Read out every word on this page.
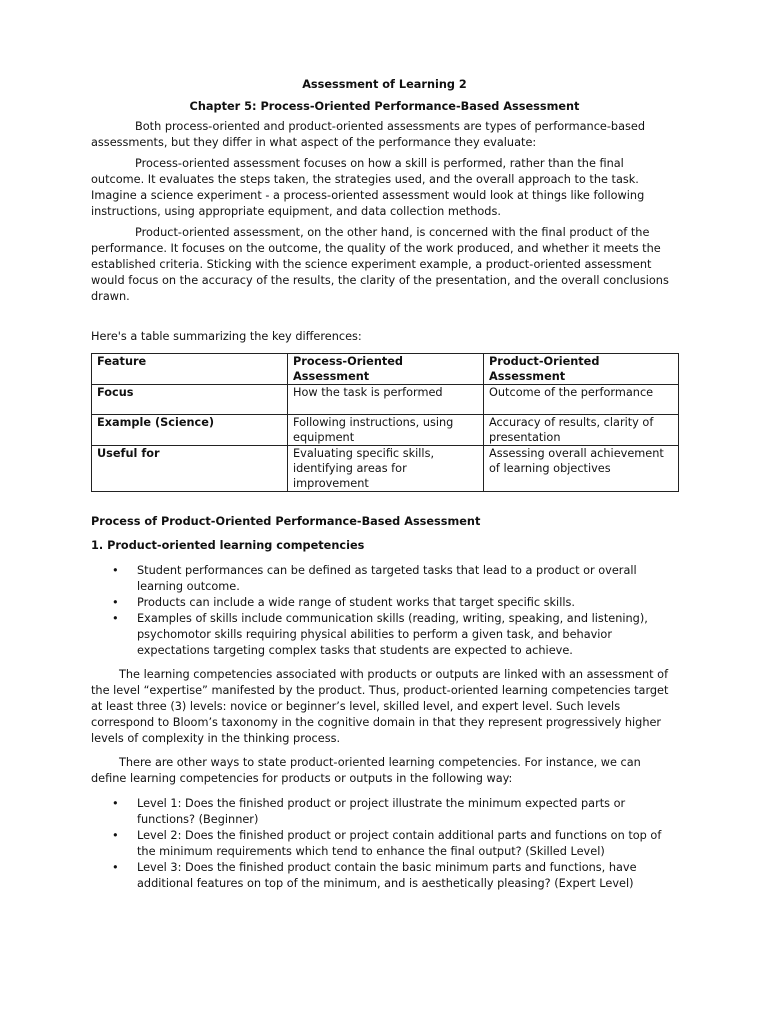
Assessment of Learning 2

Chapter 5: Process-Oriented Performance-Based Assessment

Both process-oriented and product-oriented assessments are types of performance-based assessments, but they differ in what aspect of the performance they evaluate:

Process-oriented assessment focuses on how a skill is performed, rather than the final outcome. It evaluates the steps taken, the strategies used, and the overall approach to the task. Imagine a science experiment - a process-oriented assessment would look at things like following instructions, using appropriate equipment, and data collection methods.

Product-oriented assessment, on the other hand, is concerned with the final product of the performance. It focuses on the outcome, the quality of the work produced, and whether it meets the established criteria. Sticking with the science experiment example, a product-oriented assessment would focus on the accuracy of the results, the clarity of the presentation, and the overall conclusions drawn.

Here's a table summarizing the key differences:

Feature	Process-Oriented Assessment	Product-Oriented Assessment
Focus	How the task is performed	Outcome of the performance
Example (Science)	Following instructions, using equipment	Accuracy of results, clarity of presentation
Useful for	Evaluating specific skills, identifying areas for improvement	Assessing overall achievement of learning objectives
Process of Product-Oriented Performance-Based Assessment
1. Product-oriented learning competencies
• Student performances can be defined as targeted tasks that lead to a product or overall learning outcome.
• Products can include a wide range of student works that target specific skills.
• Examples of skills include communication skills (reading, writing, speaking, and listening), psychomotor skills requiring physical abilities to perform a given task, and behavior expectations targeting complex tasks that students are expected to achieve.

The learning competencies associated with products or outputs are linked with an assessment of the level “expertise” manifested by the product. Thus, product-oriented learning competencies target at least three (3) levels: novice or beginner’s level, skilled level, and expert level. Such levels correspond to Bloom’s taxonomy in the cognitive domain in that they represent progressively higher levels of complexity in the thinking process.

There are other ways to state product-oriented learning competencies. For instance, we can define learning competencies for products or outputs in the following way:

• Level 1: Does the finished product or project illustrate the minimum expected parts or functions? (Beginner)
• Level 2: Does the finished product or project contain additional parts and functions on top of the minimum requirements which tend to enhance the final output? (Skilled Level)
• Level 3: Does the finished product contain the basic minimum parts and functions, have additional features on top of the minimum, and is aesthetically pleasing? (Expert Level)
